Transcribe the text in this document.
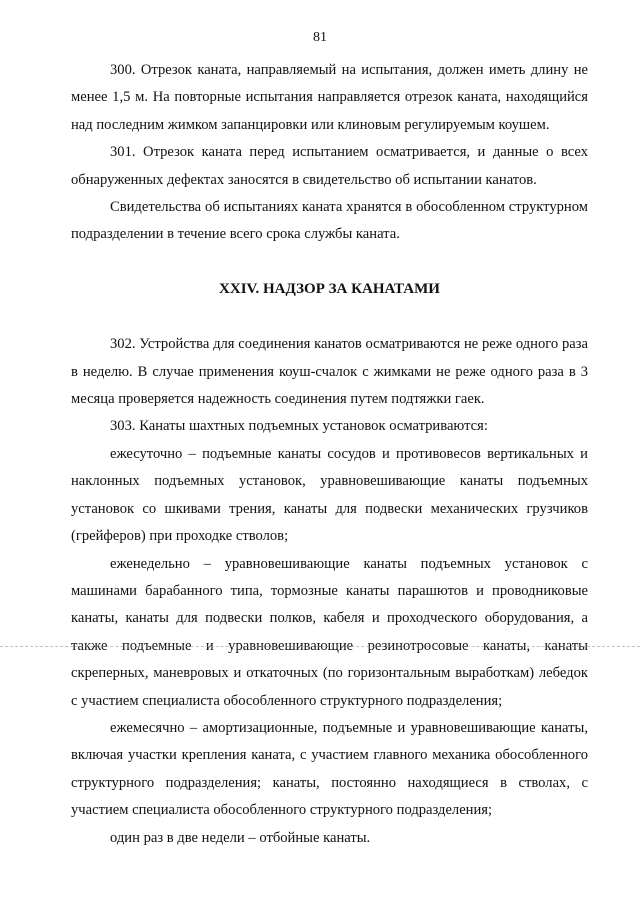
81

300. Отрезок каната, направляемый на испытания, должен иметь длину не менее 1,5 м. На повторные испытания направляется отрезок каната, находящийся над последним жимком запанцировки или клиновым регулируемым коушем.

301. Отрезок каната перед испытанием осматривается, и данные о всех обнаруженных дефектах заносятся в свидетельство об испытании канатов.

Свидетельства об испытаниях каната хранятся в обособленном структурном подразделении в течение всего срока службы каната.

XXIV. НАДЗОР ЗА КАНАТАМИ

302. Устройства для соединения канатов осматриваются не реже одного раза в неделю. В случае применения коуш-счалок с жимками не реже одного раза в 3 месяца проверяется надежность соединения путем подтяжки гаек.

303. Канаты шахтных подъемных установок осматриваются:

ежесуточно – подъемные канаты сосудов и противовесов вертикальных и наклонных подъемных установок, уравновешивающие канаты подъемных установок со шкивами трения, канаты для подвески механических грузчиков (грейферов) при проходке стволов;

еженедельно – уравновешивающие канаты подъемных установок с машинами барабанного типа, тормозные канаты парашютов и проводниковые канаты, канаты для подвески полков, кабеля и проходческого оборудования, а также подъемные и уравновешивающие резинотросовые канаты, канаты скреперных, маневровых и откаточных (по горизонтальным выработкам) лебедок с участием специалиста обособленного структурного подразделения;

ежемесячно – амортизационные, подъемные и уравновешивающие канаты, включая участки крепления каната, с участием главного механика обособленного структурного подразделения; канаты, постоянно находящиеся в стволах, с участием специалиста обособленного структурного подразделения;

один раз в две недели – отбойные канаты.
